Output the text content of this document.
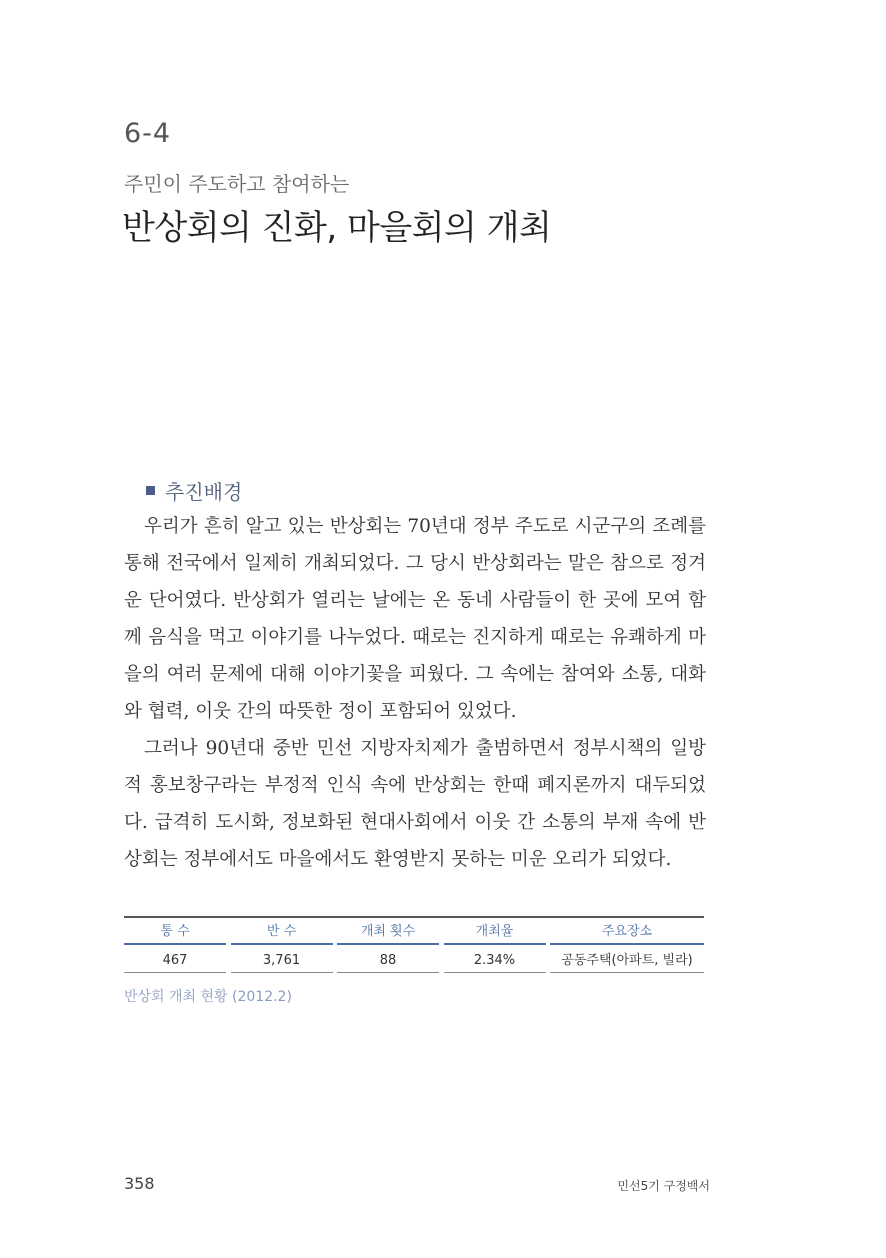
6-4
주민이 주도하고 참여하는
반상회의 진화, 마을회의 개최
추진배경

우리가 흔히 알고 있는 반상회는 70년대 정부 주도로 시군구의 조례를 통해 전국에서 일제히 개최되었다. 그 당시 반상회라는 말은 참으로 정겨운 단어였다. 반상회가 열리는 날에는 온 동네 사람들이 한 곳에 모여 함께 음식을 먹고 이야기를 나누었다. 때로는 진지하게 때로는 유쾌하게 마을의 여러 문제에 대해 이야기꽃을 피웠다. 그 속에는 참여와 소통, 대화와 협력, 이웃 간의 따뜻한 정이 포함되어 있었다.

그러나 90년대 중반 민선 지방자치제가 출범하면서 정부시책의 일방적 홍보창구라는 부정적 인식 속에 반상회는 한때 폐지론까지 대두되었다. 급격히 도시화, 정보화된 현대사회에서 이웃 간 소통의 부재 속에 반상회는 정부에서도 마을에서도 환영받지 못하는 미운 오리가 되었다.

통 수	반 수	개최 횟수	개최율	주요장소
467	3,761	88	2.34%	공동주택(아파트, 빌라)
반상회 개최 현황 (2012.2)
358	민선5기 구정백서
